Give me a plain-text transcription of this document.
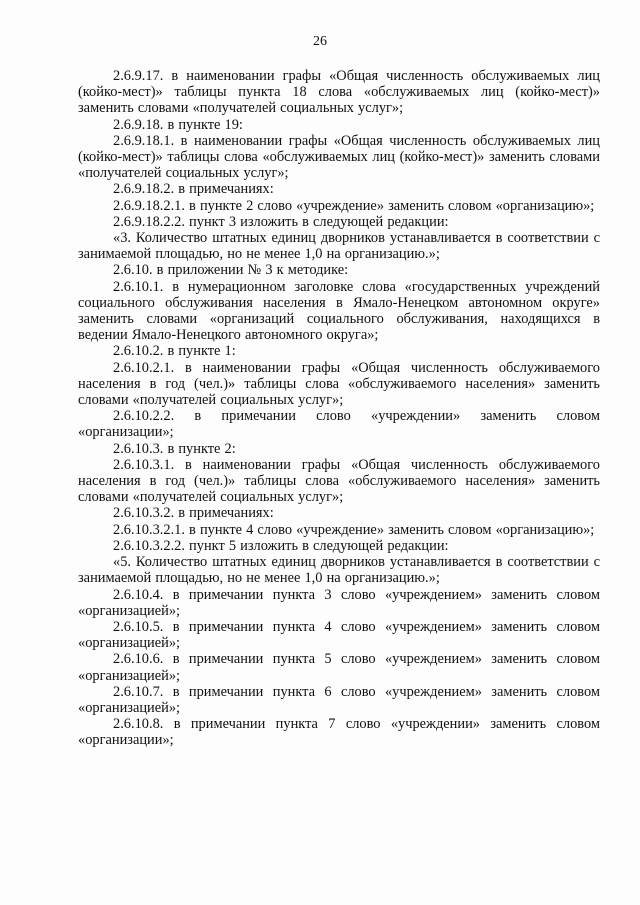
26

2.6.9.17. в наименовании графы «Общая численность обслуживаемых лиц (койко-мест)» таблицы пункта 18 слова «обслуживаемых лиц (койко-мест)» заменить словами «получателей социальных услуг»;

2.6.9.18. в пункте 19:

2.6.9.18.1. в наименовании графы «Общая численность обслуживаемых лиц (койко-мест)» таблицы слова «обслуживаемых лиц (койко-мест)» заменить словами «получателей социальных услуг»;

2.6.9.18.2. в примечаниях:

2.6.9.18.2.1. в пункте 2 слово «учреждение» заменить словом «организацию»;

2.6.9.18.2.2. пункт 3 изложить в следующей редакции:

«3. Количество штатных единиц дворников устанавливается в соответствии с занимаемой площадью, но не менее 1,0 на организацию.»;

2.6.10. в приложении № 3 к методике:

2.6.10.1. в нумерационном заголовке слова «государственных учреждений социального обслуживания населения в Ямало-Ненецком автономном округе» заменить словами «организаций социального обслуживания, находящихся в ведении Ямало-Ненецкого автономного округа»;

2.6.10.2. в пункте 1:

2.6.10.2.1. в наименовании графы «Общая численность обслуживаемого населения в год (чел.)» таблицы слова «обслуживаемого населения» заменить словами «получателей социальных услуг»;

2.6.10.2.2. в примечании слово «учреждении» заменить словом «организации»;

2.6.10.3. в пункте 2:

2.6.10.3.1. в наименовании графы «Общая численность обслуживаемого населения в год (чел.)» таблицы слова «обслуживаемого населения» заменить словами «получателей социальных услуг»;

2.6.10.3.2. в примечаниях:

2.6.10.3.2.1. в пункте 4 слово «учреждение» заменить словом «организацию»;

2.6.10.3.2.2. пункт 5 изложить в следующей редакции:

«5. Количество штатных единиц дворников устанавливается в соответствии с занимаемой площадью, но не менее 1,0 на организацию.»;

2.6.10.4. в примечании пункта 3 слово «учреждением» заменить словом «организацией»;

2.6.10.5. в примечании пункта 4 слово «учреждением» заменить словом «организацией»;

2.6.10.6. в примечании пункта 5 слово «учреждением» заменить словом «организацией»;

2.6.10.7. в примечании пункта 6 слово «учреждением» заменить словом «организацией»;

2.6.10.8. в примечании пункта 7 слово «учреждении» заменить словом «организации»;
